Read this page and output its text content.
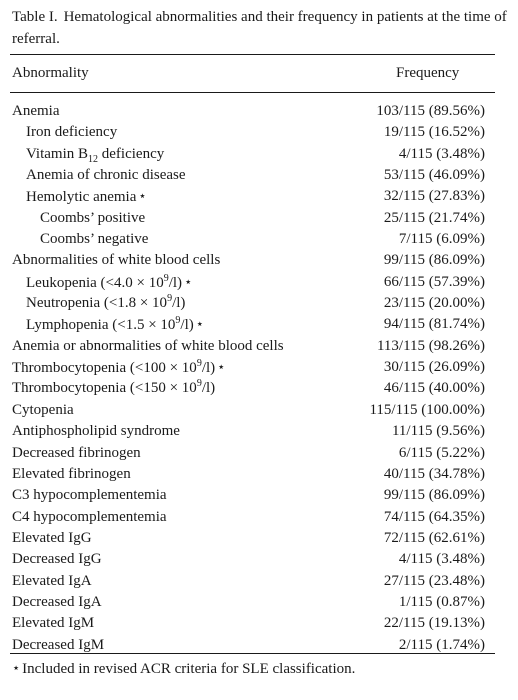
Table I. Hematological abnormalities and their frequency in patients at the time of referral.
Abnormality	Frequency
Anemia	103/115 (89.56%)
Iron deficiency	19/115 (16.52%)
Vitamin $B_{12}$ deficiency	4/115 (3.48%)
Anemia of chronic disease	53/115 (46.09%)
Hemolytic anemia ⋆	32/115 (27.83%)
Coombs’ positive	25/115 (21.74%)
Coombs’ negative	7/115 (6.09%)
Abnormalities of white blood cells	99/115 (86.09%)
Leukopenia $(<4.0 \times 10^9/l)$ ⋆	66/115 (57.39%)
Neutropenia $(<1.8 \times 10^9/l)$	23/115 (20.00%)
Lymphopenia $(<1.5 \times 10^9/l)$ ⋆	94/115 (81.74%)
Anemia or abnormalities of white blood cells	113/115 (98.26%)
Thrombocytopenia $(<100 \times 10^9/l)$ ⋆	30/115 (26.09%)
Thrombocytopenia $(<150 \times 10^9/l)$	46/115 (40.00%)
Cytopenia	115/115 (100.00%)
Antiphospholipid syndrome	11/115 (9.56%)
Decreased fibrinogen	6/115 (5.22%)
Elevated fibrinogen	40/115 (34.78%)
C3 hypocomplementemia	99/115 (86.09%)
C4 hypocomplementemia	74/115 (64.35%)
Elevated IgG	72/115 (62.61%)
Decreased IgG	4/115 (3.48%)
Elevated IgA	27/115 (23.48%)
Decreased IgA	1/115 (0.87%)
Elevated IgM	22/115 (19.13%)
Decreased IgM	2/115 (1.74%)
⋆ Included in revised ACR criteria for SLE classification.
